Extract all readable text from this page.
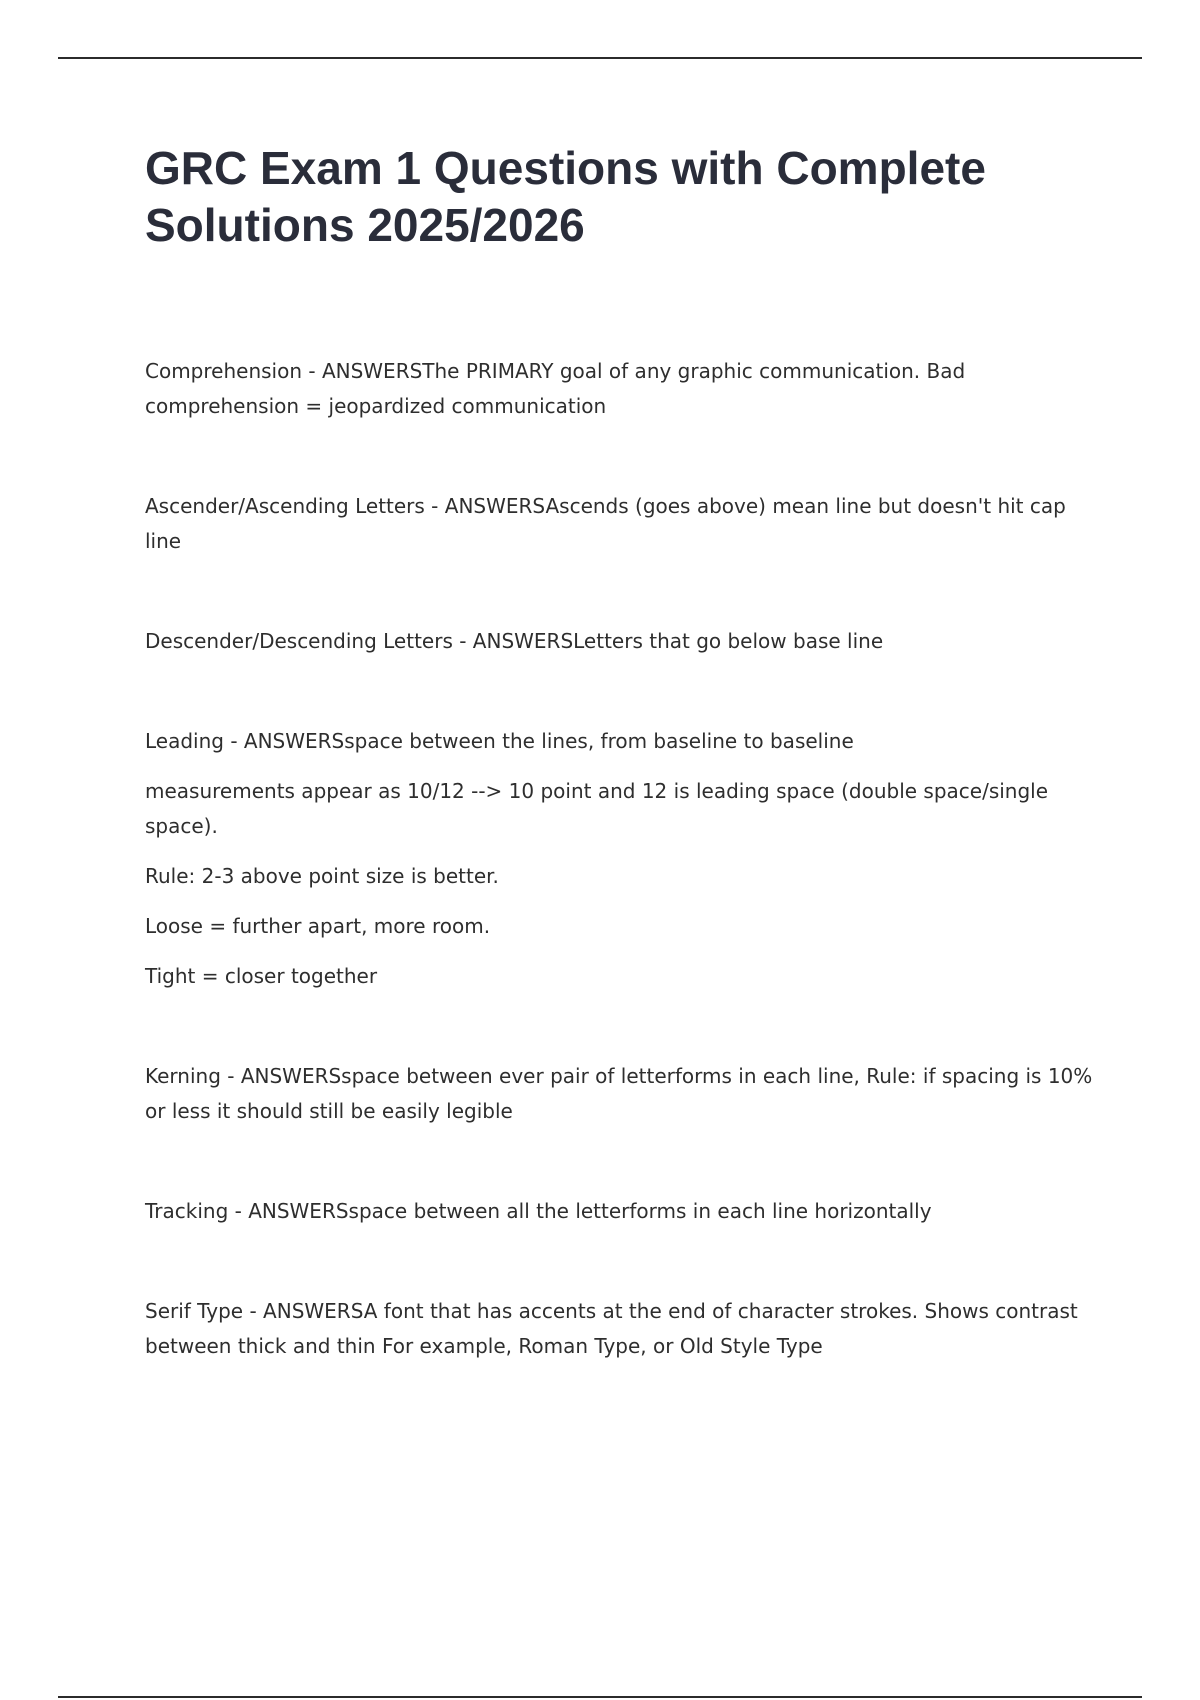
GRC Exam 1 Questions with Complete Solutions 2025/2026

Comprehension - ANSWERSThe PRIMARY goal of any graphic communication. Bad comprehension = jeopardized communication

Ascender/Ascending Letters - ANSWERSAscends (goes above) mean line but doesn't hit cap line

Descender/Descending Letters - ANSWERSLetters that go below base line

Leading - ANSWERSspace between the lines, from baseline to baseline

measurements appear as 10/12 --> 10 point and 12 is leading space (double space/single space).

Rule: 2-3 above point size is better.

Loose = further apart, more room.

Tight = closer together

Kerning - ANSWERSspace between ever pair of letterforms in each line, Rule: if spacing is 10% or less it should still be easily legible

Tracking - ANSWERSspace between all the letterforms in each line horizontally

Serif Type - ANSWERSA font that has accents at the end of character strokes. Shows contrast between thick and thin For example, Roman Type, or Old Style Type
